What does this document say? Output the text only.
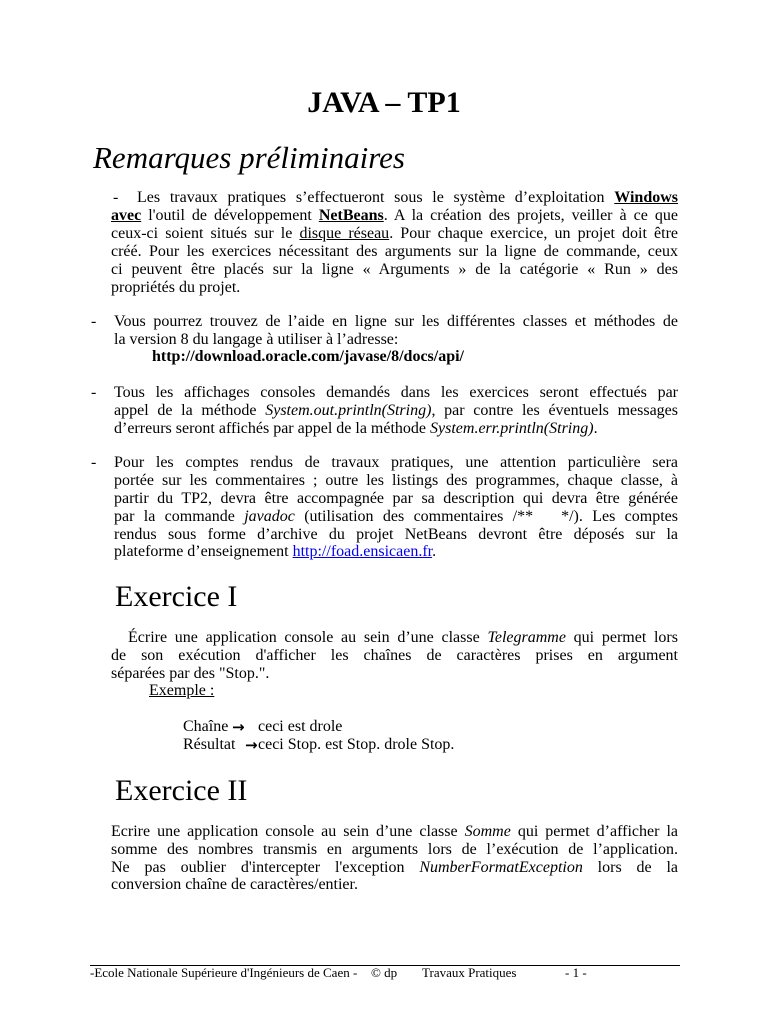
JAVA – TP1
Remarques préliminaires
- Les travaux pratiques s’effectueront sous le système d’exploitation Windows
avec l'outil de développement NetBeans. A la création des projets, veiller à ce que
ceux-ci soient situés sur le disque réseau. Pour chaque exercice, un projet doit être
créé. Pour les exercices nécessitant des arguments sur la ligne de commande, ceux
ci peuvent être placés sur la ligne « Arguments » de la catégorie « Run » des
propriétés du projet.
- Vous pourrez trouvez de l’aide en ligne sur les différentes classes et méthodes de
la version 8 du langage à utiliser à l’adresse:
http://download.oracle.com/javase/8/docs/api/
- Tous les affichages consoles demandés dans les exercices seront effectués par
appel de la méthode System.out.println(String), par contre les éventuels messages
d’erreurs seront affichés par appel de la méthode System.err.println(String).
- Pour les comptes rendus de travaux pratiques, une attention particulière sera
portée sur les commentaires ; outre les listings des programmes, chaque classe, à
partir du TP2, devra être accompagnée par sa description qui devra être générée
par la commande javadoc (utilisation des commentaires /** */). Les comptes
rendus sous forme d’archive du projet NetBeans devront être déposés sur la
plateforme d’enseignement http://foad.ensicaen.fr.
Exercice I
Écrire une application console au sein d’une classe Telegramme qui permet lors
de son exécution d'afficher les chaînes de caractères prises en argument
séparées par des "Stop.".
Exemple :
Chaîne → ceci est drole
Résultat → ceci Stop. est Stop. drole Stop.
Exercice II
Ecrire une application console au sein d’une classe Somme qui permet d’afficher la
somme des nombres transmis en arguments lors de l’exécution de l’application.
Ne pas oublier d'intercepter l'exception NumberFormatException lors de la
conversion chaîne de caractères/entier.
-Ecole Nationale Supérieure d'Ingénieurs de Caen - © dp Travaux Pratiques	- 1 -
